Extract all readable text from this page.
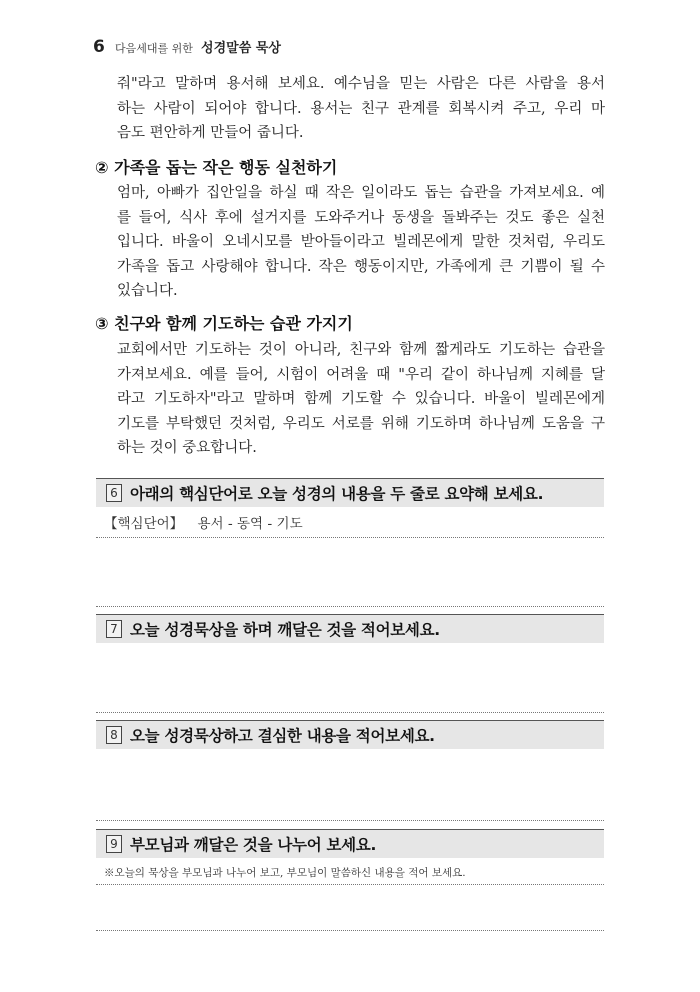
6 다음세대를 위한 성경말씀 묵상
줘"라고 말하며 용서해 보세요. 예수님을 믿는 사람은 다른 사람을 용서
하는 사람이 되어야 합니다. 용서는 친구 관계를 회복시켜 주고, 우리 마
음도 편안하게 만들어 줍니다.
② 가족을 돕는 작은 행동 실천하기
엄마, 아빠가 집안일을 하실 때 작은 일이라도 돕는 습관을 가져보세요. 예
를 들어, 식사 후에 설거지를 도와주거나 동생을 돌봐주는 것도 좋은 실천
입니다. 바울이 오네시모를 받아들이라고 빌레몬에게 말한 것처럼, 우리도
가족을 돕고 사랑해야 합니다. 작은 행동이지만, 가족에게 큰 기쁨이 될 수
있습니다.
③ 친구와 함께 기도하는 습관 가지기
교회에서만 기도하는 것이 아니라, 친구와 함께 짧게라도 기도하는 습관을
가져보세요. 예를 들어, 시험이 어려울 때 "우리 같이 하나님께 지혜를 달
라고 기도하자"라고 말하며 함께 기도할 수 있습니다. 바울이 빌레몬에게
기도를 부탁했던 것처럼, 우리도 서로를 위해 기도하며 하나님께 도움을 구
하는 것이 중요합니다.
6 아래의 핵심단어로 오늘 성경의 내용을 두 줄로 요약해 보세요.
【핵심단어】 용서 - 동역 - 기도
7 오늘 성경묵상을 하며 깨달은 것을 적어보세요.
8 오늘 성경묵상하고 결심한 내용을 적어보세요.
9 부모님과 깨달은 것을 나누어 보세요.
※오늘의 묵상을 부모님과 나누어 보고, 부모님이 말씀하신 내용을 적어 보세요.
